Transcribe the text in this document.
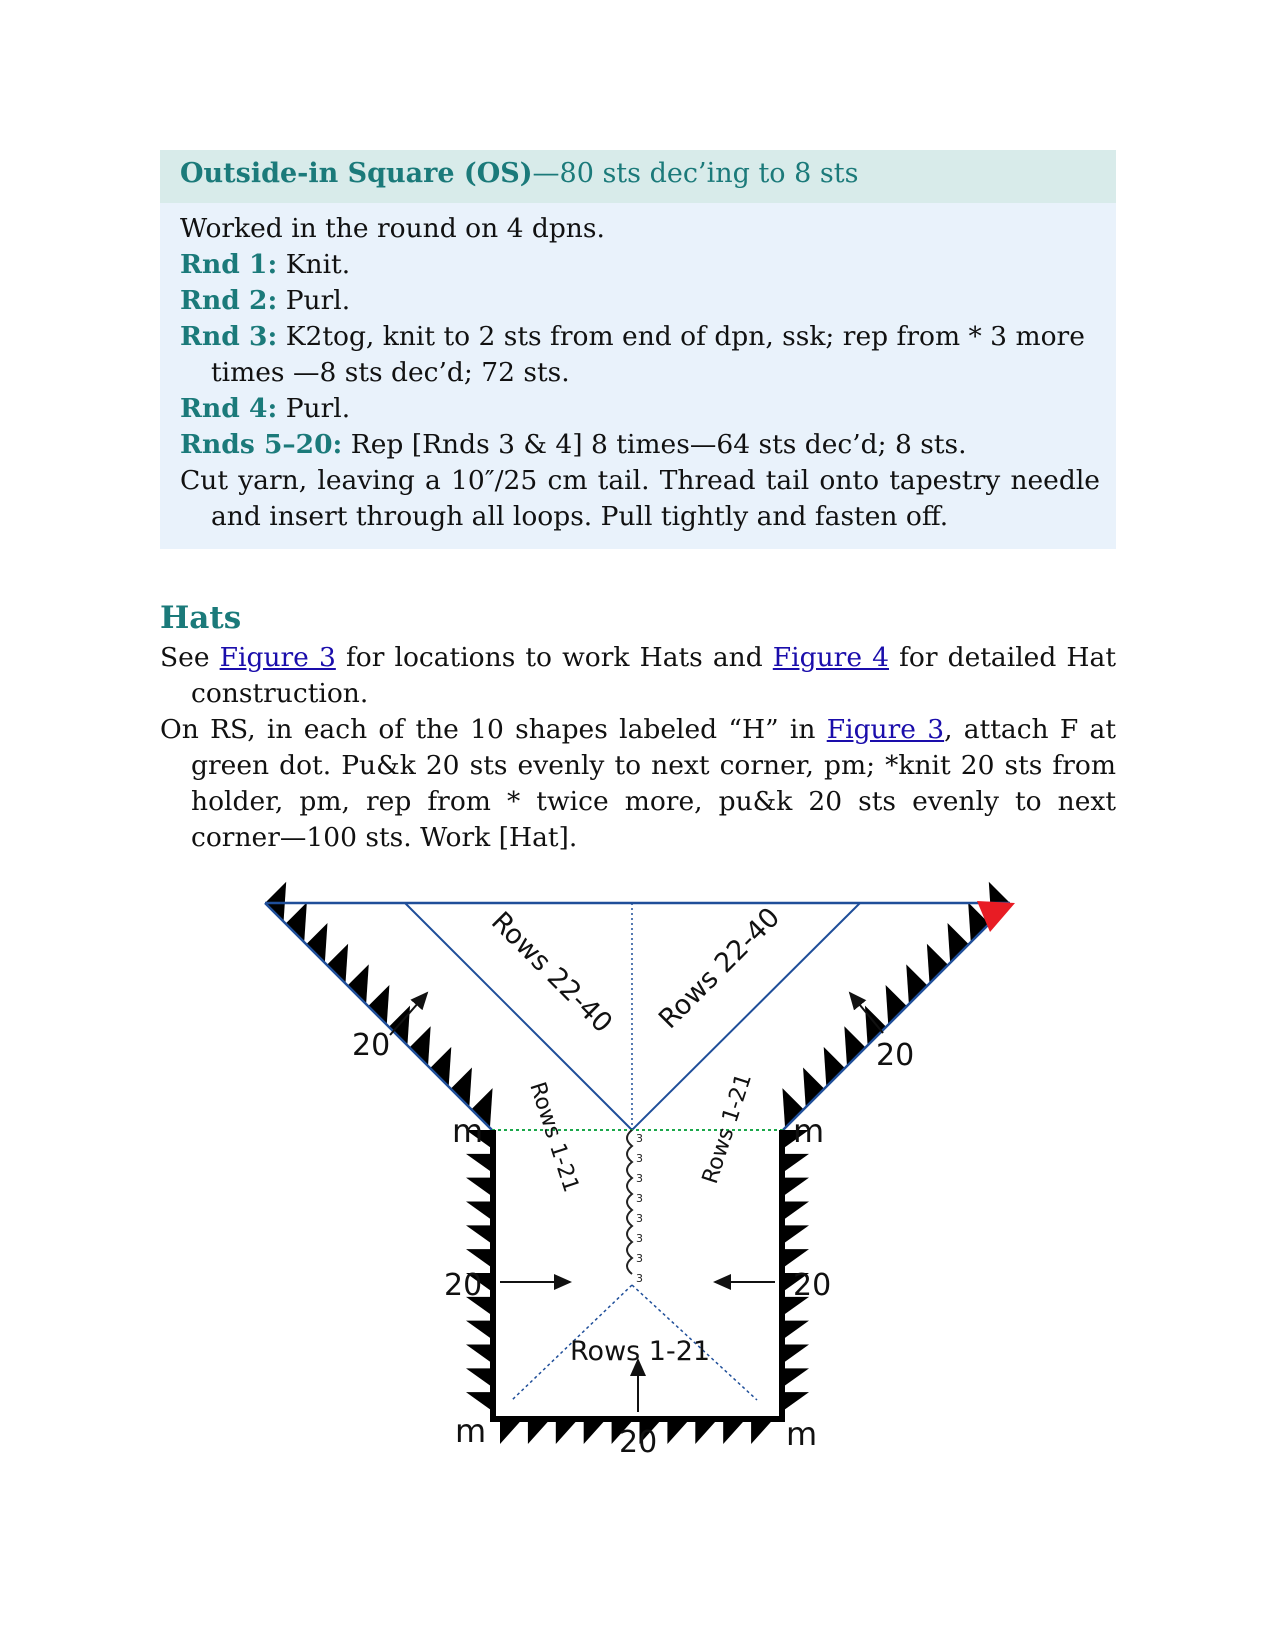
Outside-in Square (OS)—80 sts dec’ing to 8 sts
Worked in the round on 4 dpns.
Rnd 1: Knit.
Rnd 2: Purl.
Rnd 3: K2tog, knit to 2 sts from end of dpn, ssk; rep from * 3 more times —8 sts dec’d; 72 sts.
Rnd 4: Purl.
Rnds 5–20: Rep [Rnds 3 & 4] 8 times—64 sts dec’d; 8 sts.
Cut yarn, leaving a 10″/25 cm tail. Thread tail onto tapestry needle and insert through all loops. Pull tightly and fasten off.
Hats
See Figure 3 for locations to work Hats and Figure 4 for detailed Hat construction.
On RS, in each of the 10 shapes labeled “H” in Figure 3, attach F at green dot. Pu&k 20 sts evenly to next corner, pm; *knit 20 sts from holder, pm, rep from * twice more, pu&k 20 sts evenly to next corner—100 sts. Work [Hat].
3
3
3
3
3
3
3
3
Rows 22-40 Rows 22-40
Rows 1-21	Rows 1-21
Rows 1-21
20	20
20	20
20
m	m
m	m
